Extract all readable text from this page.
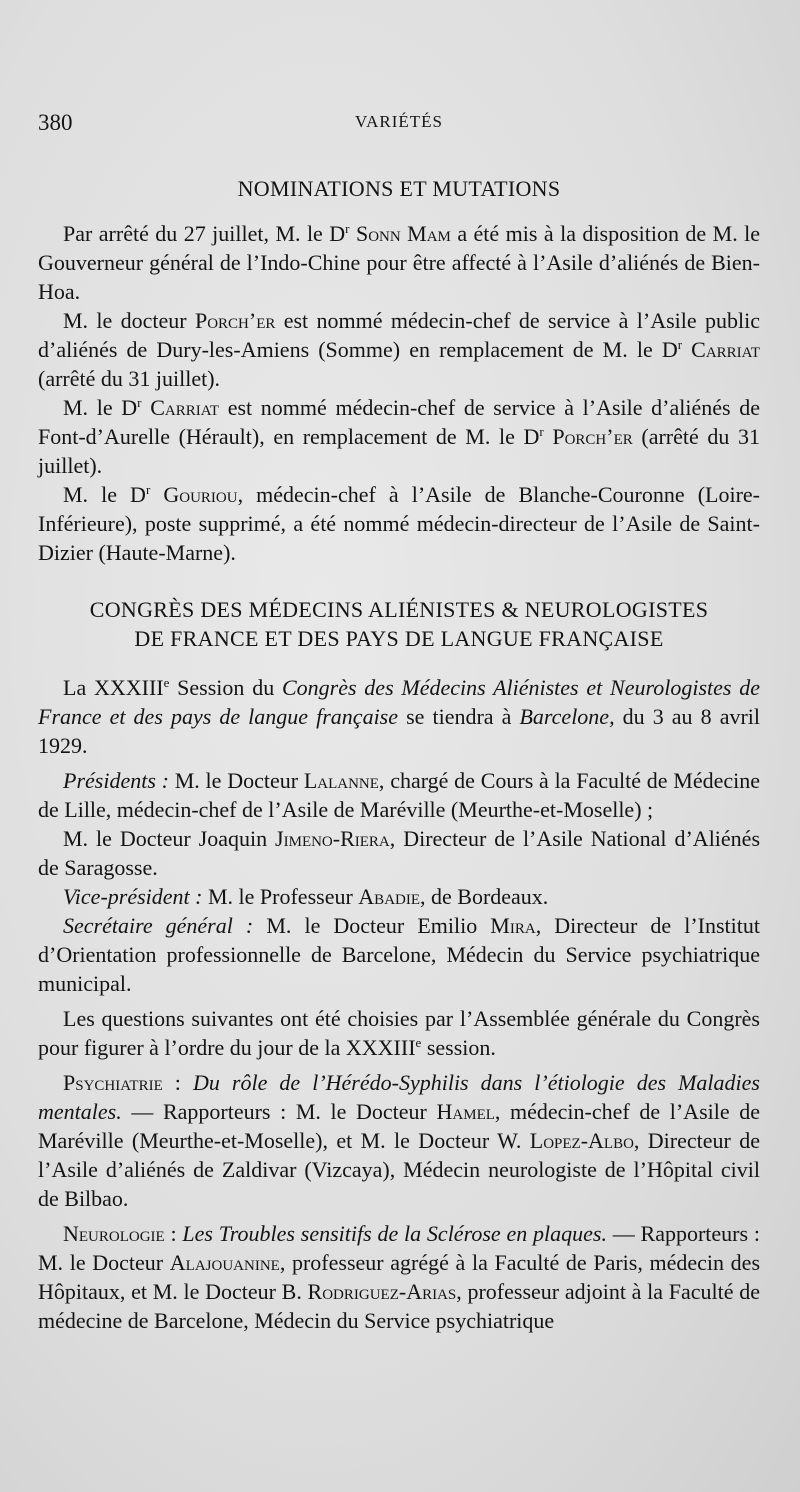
380	VARIÉTÉS
NOMINATIONS ET MUTATIONS

Par arrêté du 27 juillet, M. le $D^r$ Sonn Mam a été mis à la disposition de M. le Gouverneur général de l’Indo-Chine pour être affecté à l’Asile d’aliénés de Bien-Hoa.

M. le docteur Porch’er est nommé médecin-chef de service à l’Asile public d’aliénés de Dury-les-Amiens (Somme) en remplacement de M. le $D^r$ Carriat (arrêté du 31 juillet).

M. le $D^r$ Carriat est nommé médecin-chef de service à l’Asile d’aliénés de Font-d’Aurelle (Hérault), en remplacement de M. le $D^r$ Porch’er (arrêté du 31 juillet).

M. le $D^r$ Gouriou, médecin-chef à l’Asile de Blanche-Couronne (Loire-Inférieure), poste supprimé, a été nommé médecin-directeur de l’Asile de Saint-Dizier (Haute-Marne).

CONGRÈS DES MÉDECINS ALIÉNISTES & NEUROLOGISTES
DE FRANCE ET DES PAYS DE LANGUE FRANÇAISE

La XXXIIIe Session du Congrès des Médecins Aliénistes et Neurologistes de France et des pays de langue française se tiendra à Barcelone, du 3 au 8 avril 1929.

Présidents : M. le Docteur Lalanne, chargé de Cours à la Faculté de Médecine de Lille, médecin-chef de l’Asile de Maréville (Meurthe-et-Moselle) ;

M. le Docteur Joaquin Jimeno-Riera, Directeur de l’Asile National d’Aliénés de Saragosse.

Vice-président : M. le Professeur Abadie, de Bordeaux.

Secrétaire général : M. le Docteur Emilio Mira, Directeur de l’Institut d’Orientation professionnelle de Barcelone, Médecin du Service psychiatrique municipal.

Les questions suivantes ont été choisies par l’Assemblée générale du Congrès pour figurer à l’ordre du jour de la XXXIIIe session.

Psychiatrie : Du rôle de l’Hérédo-Syphilis dans l’étiologie des Maladies mentales. — Rapporteurs : M. le Docteur Hamel, médecin-chef de l’Asile de Maréville (Meurthe-et-Moselle), et M. le Docteur W. Lopez-Albo, Directeur de l’Asile d’aliénés de Zaldivar (Vizcaya), Médecin neurologiste de l’Hôpital civil de Bilbao.

Neurologie : Les Troubles sensitifs de la Sclérose en plaques. — Rapporteurs : M. le Docteur Alajouanine, professeur agrégé à la Faculté de Paris, médecin des Hôpitaux, et M. le Docteur B. Rodriguez-Arias, professeur adjoint à la Faculté de médecine de Barcelone, Médecin du Service psychiatrique
